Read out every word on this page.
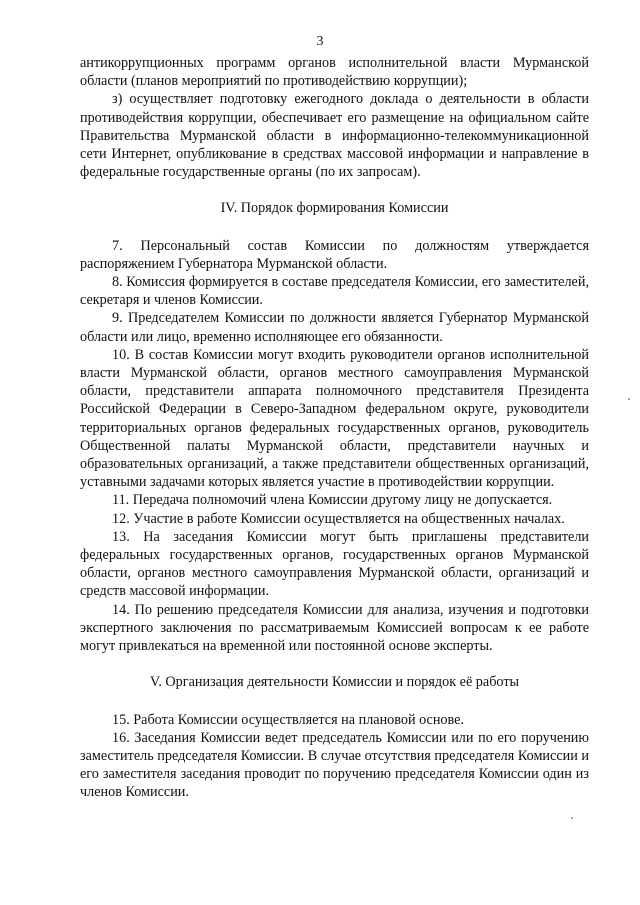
3

антикоррупционных программ органов исполнительной власти Мурманской области (планов мероприятий по противодействию коррупции);

з) осуществляет подготовку ежегодного доклада о деятельности в области противодействия коррупции, обеспечивает его размещение на официальном сайте Правительства Мурманской области в информационно-телекоммуникационной сети Интернет, опубликование в средствах массовой информации и направление в федеральные государственные органы (по их запросам).

IV. Порядок формирования Комиссии

7. Персональный состав Комиссии по должностям утверждается распоряжением Губернатора Мурманской области.

8. Комиссия формируется в составе председателя Комиссии, его заместителей, секретаря и членов Комиссии.

9. Председателем Комиссии по должности является Губернатор Мурманской области или лицо, временно исполняющее его обязанности.

10. В состав Комиссии могут входить руководители органов исполнительной власти Мурманской области, органов местного самоуправления Мурманской области, представители аппарата полномочного представителя Президента Российской Федерации в Северо-Западном федеральном округе, руководители территориальных органов федеральных государственных органов, руководитель Общественной палаты Мурманской области, представители научных и образовательных организаций, а также представители общественных организаций, уставными задачами которых является участие в противодействии коррупции.

11. Передача полномочий члена Комиссии другому лицу не допускается.

12. Участие в работе Комиссии осуществляется на общественных началах.

13. На заседания Комиссии могут быть приглашены представители федеральных государственных органов, государственных органов Мурманской области, органов местного самоуправления Мурманской области, организаций и средств массовой информации.

14. По решению председателя Комиссии для анализа, изучения и подготовки экспертного заключения по рассматриваемым Комиссией вопросам к ее работе могут привлекаться на временной или постоянной основе эксперты.

V. Организация деятельности Комиссии и порядок её работы

15. Работа Комиссии осуществляется на плановой основе.

16. Заседания Комиссии ведет председатель Комиссии или по его поручению заместитель председателя Комиссии. В случае отсутствия председателя Комиссии и его заместителя заседания проводит по поручению председателя Комиссии один из членов Комиссии.
